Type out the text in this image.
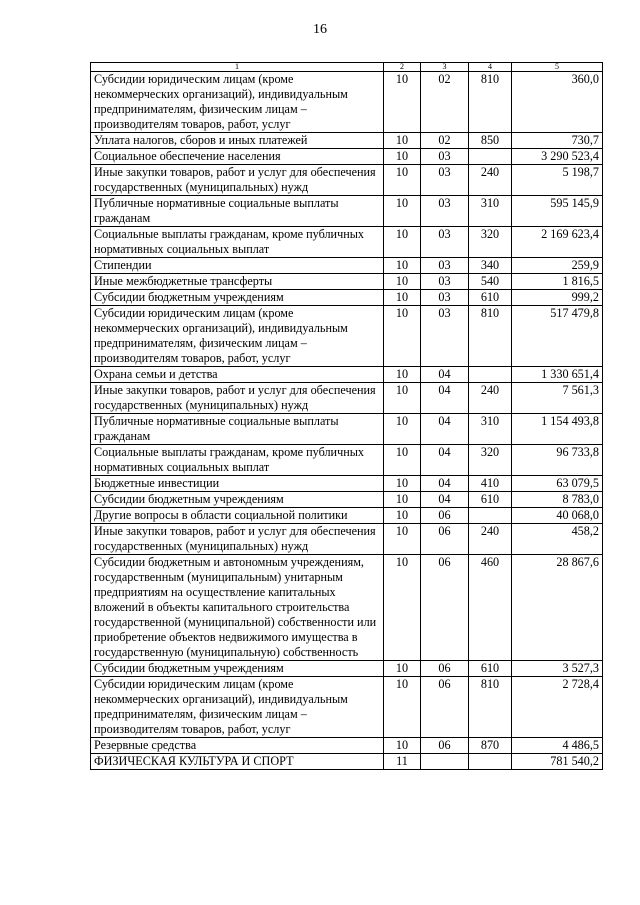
16
1	2	3	4	5
Субсидии юридическим лицам (кроме некоммерческих организаций), индивидуальным предпринимателям, физическим лицам – производителям товаров, работ, услуг	10	02	810	360,0
Уплата налогов, сборов и иных платежей	10	02	850	730,7
Социальное обеспечение населения	10	03		3 290 523,4
Иные закупки товаров, работ и услуг для обеспечения государственных (муниципальных) нужд	10	03	240	5 198,7
Публичные нормативные социальные выплаты гражданам	10	03	310	595 145,9
Социальные выплаты гражданам, кроме публичных нормативных социальных выплат	10	03	320	2 169 623,4
Стипендии	10	03	340	259,9
Иные межбюджетные трансферты	10	03	540	1 816,5
Субсидии бюджетным учреждениям	10	03	610	999,2
Субсидии юридическим лицам (кроме некоммерческих организаций), индивидуальным предпринимателям, физическим лицам – производителям товаров, работ, услуг	10	03	810	517 479,8
Охрана семьи и детства	10	04		1 330 651,4
Иные закупки товаров, работ и услуг для обеспечения государственных (муниципальных) нужд	10	04	240	7 561,3
Публичные нормативные социальные выплаты гражданам	10	04	310	1 154 493,8
Социальные выплаты гражданам, кроме публичных нормативных социальных выплат	10	04	320	96 733,8
Бюджетные инвестиции	10	04	410	63 079,5
Субсидии бюджетным учреждениям	10	04	610	8 783,0
Другие вопросы в области социальной политики	10	06		40 068,0
Иные закупки товаров, работ и услуг для обеспечения государственных (муниципальных) нужд	10	06	240	458,2
Субсидии бюджетным и автономным учреждениям, государственным (муниципальным) унитарным предприятиям на осуществление капитальных вложений в объекты капитального строительства государственной (муниципальной) собственности или приобретение объектов недвижимого имущества в государственную (муниципальную) собственность	10	06	460	28 867,6
Субсидии бюджетным учреждениям	10	06	610	3 527,3
Субсидии юридическим лицам (кроме некоммерческих организаций), индивидуальным предпринимателям, физическим лицам – производителям товаров, работ, услуг	10	06	810	2 728,4
Резервные средства	10	06	870	4 486,5
ФИЗИЧЕСКАЯ КУЛЬТУРА И СПОРТ	11			781 540,2
